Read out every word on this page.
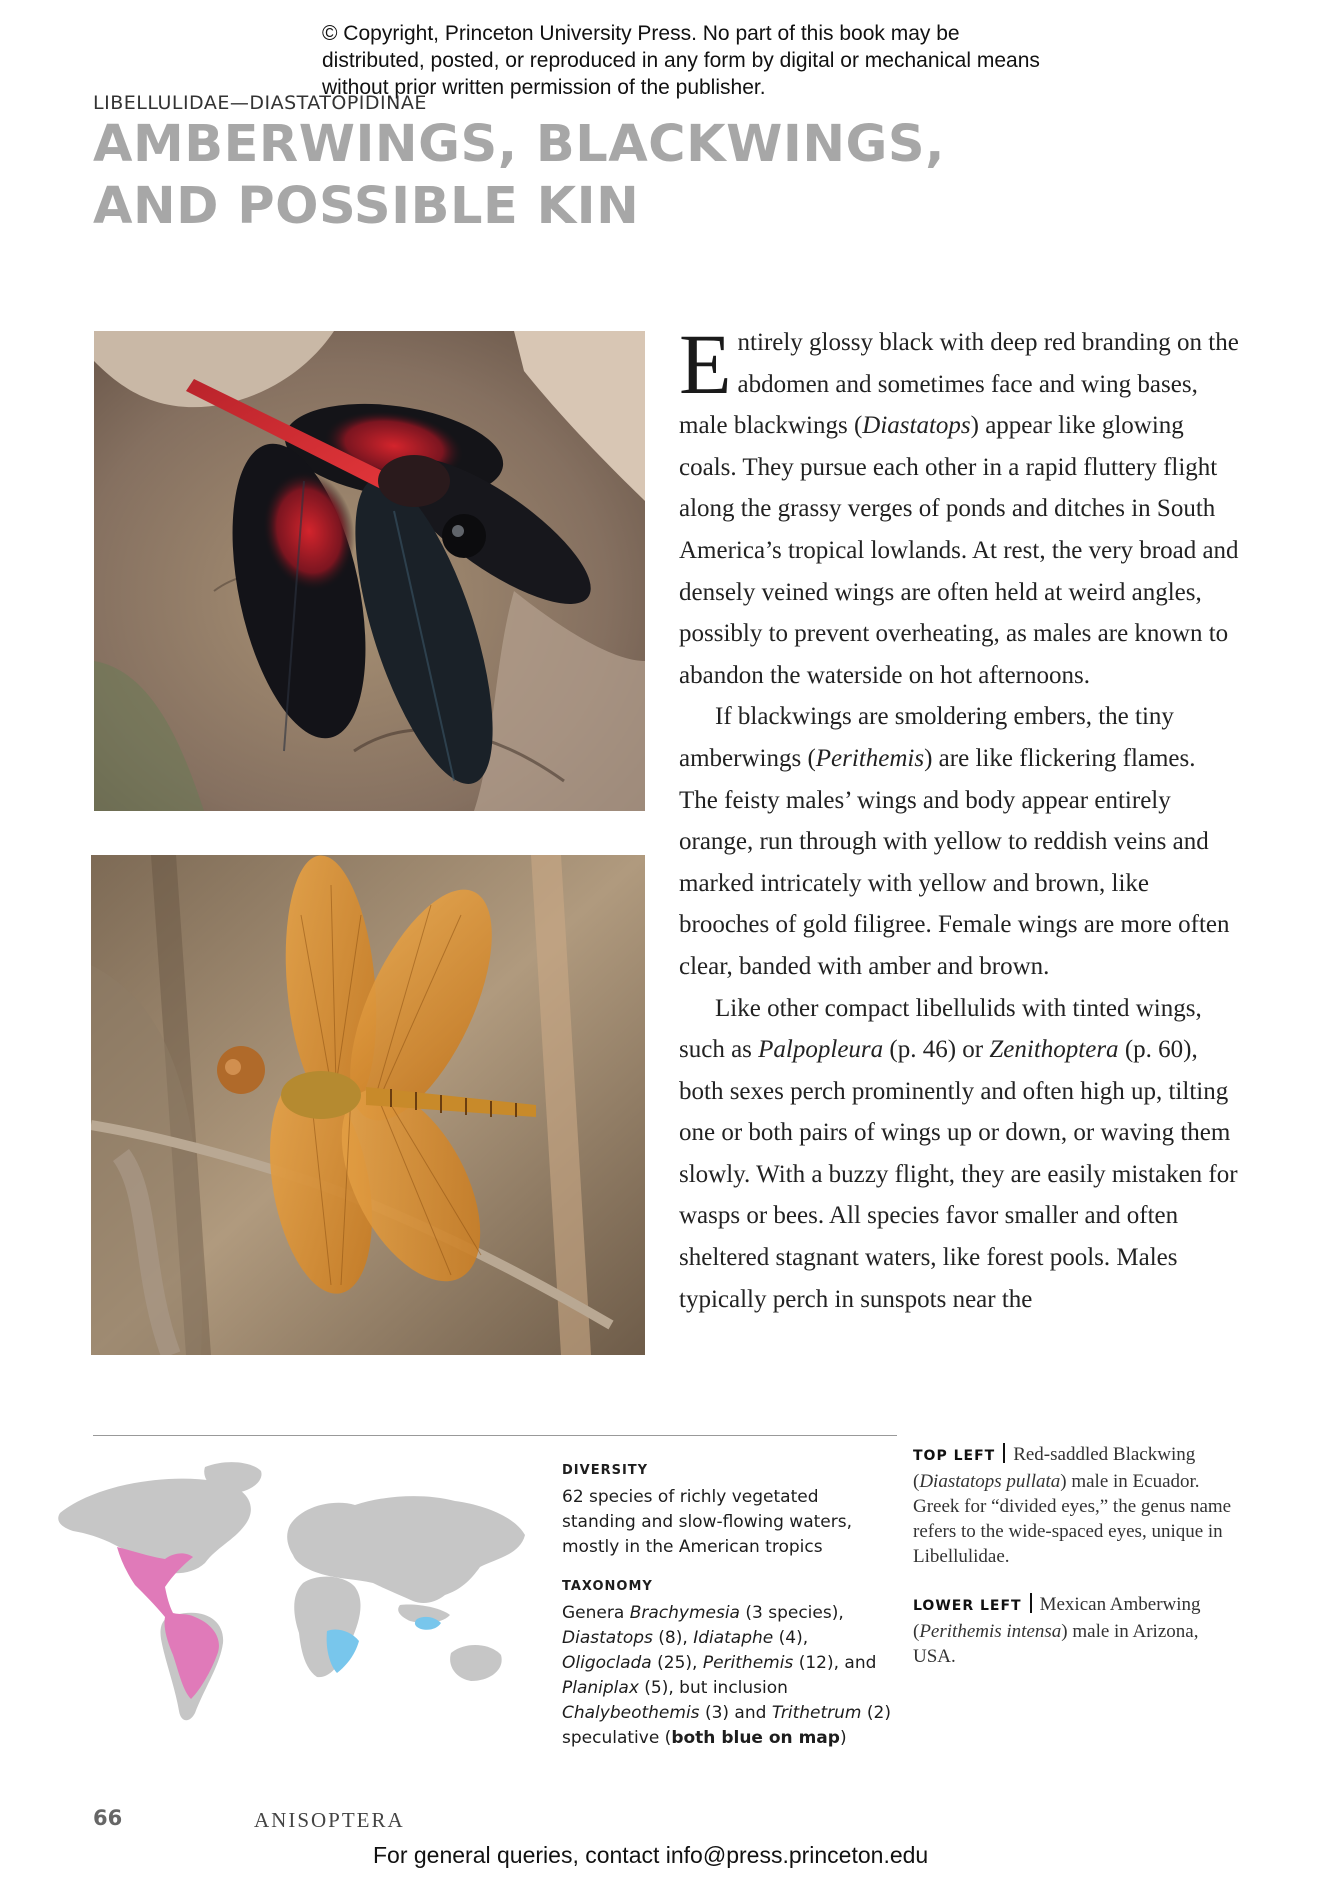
© Copyright, Princeton University Press. No part of this book may be distributed, posted, or reproduced in any form by digital or mechanical means without prior written permission of the publisher.

LIBELLULIDAE—DIASTATOPIDINAE

AMBERWINGS, BLACKWINGS,
AND POSSIBLE KIN

Entirely glossy black with deep red branding on the abdomen and sometimes face and wing bases, male blackwings (Diastatops) appear like glowing coals. They pursue each other in a rapid fluttery flight along the grassy verges of ponds and ditches in South America’s tropical lowlands. At rest, the very broad and densely veined wings are often held at weird angles, possibly to prevent overheating, as males are known to abandon the waterside on hot afternoons.

If blackwings are smoldering embers, the tiny amberwings (Perithemis) are like flickering flames. The feisty males’ wings and body appear entirely orange, run through with yellow to reddish veins and marked intricately with yellow and brown, like brooches of gold filigree. Female wings are more often clear, banded with amber and brown.

Like other compact libellulids with tinted wings, such as Palpopleura (p. 46) or Zenithoptera (p. 60), both sexes perch prominently and often high up, tilting one or both pairs of wings up or down, or waving them slowly. With a buzzy flight, they are easily mistaken for wasps or bees. All species favor smaller and often sheltered stagnant waters, like forest pools. Males typically perch in sunspots near the

DIVERSITY

62 species of richly vegetated standing and slow-flowing waters, mostly in the American tropics

TAXONOMY

Genera Brachymesia (3 species), Diastatops (8), Idiataphe (4), Oligoclada (25), Perithemis (12), and Planiplax (5), but inclusion Chalybeothemis (3) and Trithetrum (2) speculative (both blue on map)

TOP LEFT Red-saddled Blackwing (Diastatops pullata) male in Ecuador. Greek for “divided eyes,” the genus name refers to the wide-spaced eyes, unique in Libellulidae.
LOWER LEFT Mexican Amberwing (Perithemis intensa) male in Arizona, USA.
66	ANISOPTERA
For general queries, contact info@press.princeton.edu
